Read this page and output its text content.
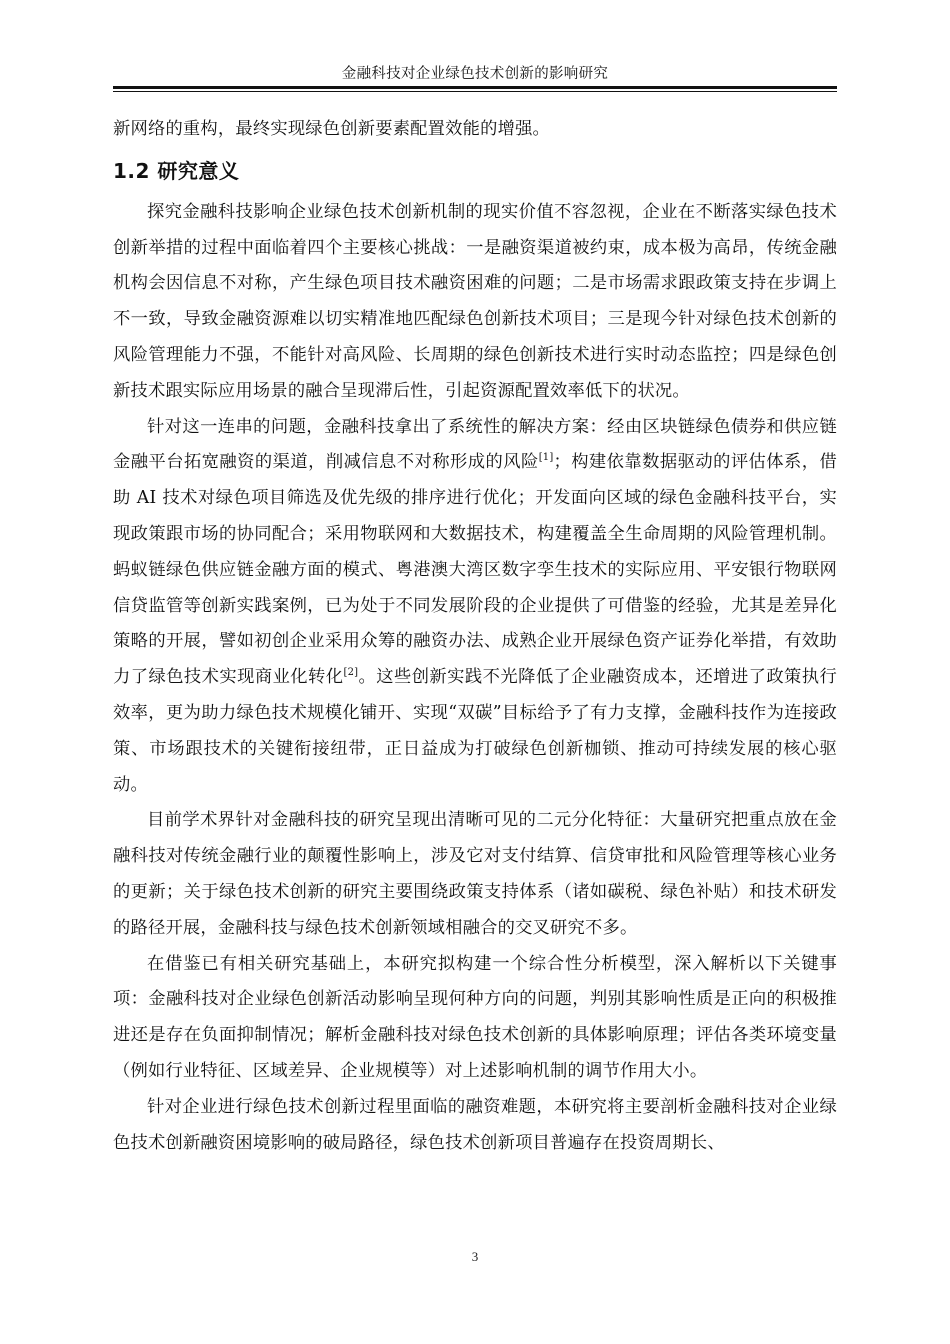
金融科技对企业绿色技术创新的影响研究

新网络的重构，最终实现绿色创新要素配置效能的增强。

1.2 研究意义

探究金融科技影响企业绿色技术创新机制的现实价值不容忽视，企业在不断落实绿色技术创新举措的过程中面临着四个主要核心挑战：一是融资渠道被约束，成本极为高昂，传统金融机构会因信息不对称，产生绿色项目技术融资困难的问题；二是市场需求跟政策支持在步调上不一致，导致金融资源难以切实精准地匹配绿色创新技术项目；三是现今针对绿色技术创新的风险管理能力不强，不能针对高风险、长周期的绿色创新技术进行实时动态监控；四是绿色创新技术跟实际应用场景的融合呈现滞后性，引起资源配置效率低下的状况。

针对这一连串的问题，金融科技拿出了系统性的解决方案：经由区块链绿色债券和供应链金融平台拓宽融资的渠道，削减信息不对称形成的风险[1]；构建依靠数据驱动的评估体系，借助 AI 技术对绿色项目筛选及优先级的排序进行优化；开发面向区域的绿色金融科技平台，实现政策跟市场的协同配合；采用物联网和大数据技术，构建覆盖全生命周期的风险管理机制。蚂蚁链绿色供应链金融方面的模式、粤港澳大湾区数字孪生技术的实际应用、平安银行物联网信贷监管等创新实践案例，已为处于不同发展阶段的企业提供了可借鉴的经验，尤其是差异化策略的开展，譬如初创企业采用众筹的融资办法、成熟企业开展绿色资产证券化举措，有效助力了绿色技术实现商业化转化[2]。这些创新实践不光降低了企业融资成本，还增进了政策执行效率，更为助力绿色技术规模化铺开、实现“双碳”目标给予了有力支撑，金融科技作为连接政策、市场跟技术的关键衔接纽带，正日益成为打破绿色创新枷锁、推动可持续发展的核心驱动。

目前学术界针对金融科技的研究呈现出清晰可见的二元分化特征：大量研究把重点放在金融科技对传统金融行业的颠覆性影响上，涉及它对支付结算、信贷审批和风险管理等核心业务的更新；关于绿色技术创新的研究主要围绕政策支持体系（诸如碳税、绿色补贴）和技术研发的路径开展，金融科技与绿色技术创新领域相融合的交叉研究不多。

在借鉴已有相关研究基础上，本研究拟构建一个综合性分析模型，深入解析以下关键事项：金融科技对企业绿色创新活动影响呈现何种方向的问题，判别其影响性质是正向的积极推进还是存在负面抑制情况；解析金融科技对绿色技术创新的具体影响原理；评估各类环境变量（例如行业特征、区域差异、企业规模等）对上述影响机制的调节作用大小。

针对企业进行绿色技术创新过程里面临的融资难题，本研究将主要剖析金融科技对企业绿色技术创新融资困境影响的破局路径，绿色技术创新项目普遍存在投资周期长、

3
